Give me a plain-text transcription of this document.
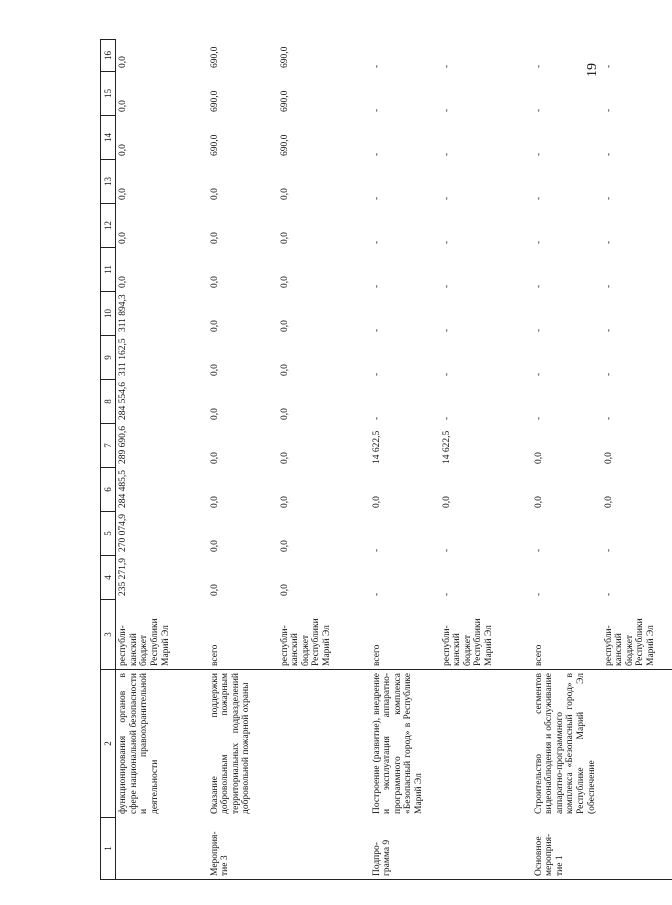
19
1	2	3	4	5	6	7	8	9	10	11	12	13	14	15	16
	функционирования органов в сфере национальной безопасности и правоохранительной деятельности	республи-канский бюджет Республики Марий Эл	235 271,9	270 074,9	284 485,5	289 690,6	284 554,6	311 162,5	311 894,3	0,0	0,0	0,0	0,0	0,0	0,0
Мероприя-тие 3	Оказание поддержки добровольным пожарным территориальных подразделений добровольной пожарной охраны	всего	0,0	0,0	0,0	0,0	0,0	0,0	0,0	0,0	0,0	0,0	690,0	690,0	690,0
		республи-канский бюджет Республики Марий Эл	0,0	0,0	0,0	0,0	0,0	0,0	0,0	0,0	0,0	0,0	690,0	690,0	690,0
Подпро-грамма 9	Построение (развитие), внедрение и эксплуатация аппаратно-программного комплекса «Безопасный город» в Республике Марий Эл	всего	-	-	0,0	14 622,5	-	-	-	-	-	-	-	-	-
		республи-канский бюджет Республики Марий Эл	-	-	0,0	14 622,5	-	-	-	-	-	-	-	-	-
Основное мероприя-тие 1	Строительство сегментов видеонаблюдения и обслуживание аппаратно-программного комплекса «Безопасный город» в Республике Марий Эл (обеспечение	всего	-	-	0,0	0,0	-	-	-	-	-	-	-	-	-
		республи-канский бюджет Республики Марий Эл	-	-	0,0	0,0	-	-	-	-	-	-	-	-	-
